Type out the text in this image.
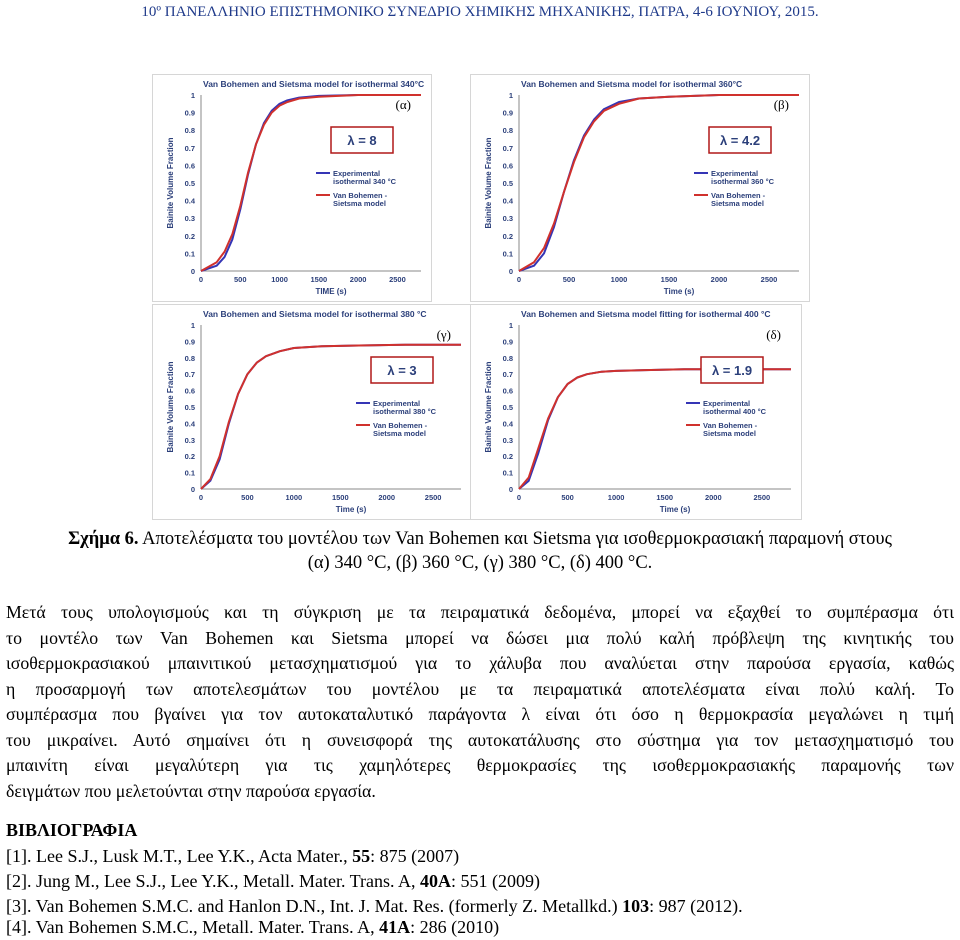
10º ΠΑΝΕΛΛΗΝΙΟ ΕΠΙΣΤΗΜΟΝΙΚΟ ΣΥΝΕΔΡΙΟ ΧΗΜΙΚΗΣ ΜΗΧΑΝΙΚΗΣ, ΠΑΤΡΑ, 4-6 ΙΟΥΝΙΟΥ, 2015.
Van Bohemen and Sietsma model for isothermal 340°C
0
0.1
0.2
0.3
0.4
0.5
0.6
0.7
0.8
0.9
1
0	500	1000	1500	2000	2500
TIME (s)
Bainite Volume Fraction
(α)
λ = 8
Experimental
isothermal 340 °C
Van Bohemen -
Sietsma model
Van Bohemen and Sietsma model for isothermal 360°C
0
0.1
0.2
0.3
0.4
0.5
0.6
0.7
0.8
0.9
1
0	500	1000	1500	2000	2500
Time (s)
Bainite Volume Fraction
(β)
λ = 4.2
Experimental
isothermal 360 °C
Van Bohemen -
Sietsma model
Van Bohemen and Sietsma model for isothermal 380 °C
0
0.1
0.2
0.3
0.4
0.5
0.6
0.7
0.8
0.9
1
0	500	1000	1500	2000	2500
Time (s)
Bainite Volume Fraction
(γ)
λ = 3
Experimental
isothermal 380 °C
Van Bohemen -
Sietsma model
Van Bohemen and Sietsma model fitting for isothermal 400 °C
0
0.1
0.2
0.3
0.4
0.5
0.6
0.7
0.8
0.9
1
0	500	1000	1500	2000	2500
Time (s)
Bainite Volume Fraction
(δ)
λ = 1.9
Experimental
isothermal 400 °C
Van Bohemen -
Sietsma model
Σχήμα 6. Αποτελέσματα του μοντέλου των Van Bohemen και Sietsma για ισοθερμοκρασιακή παραμονή στους
(α) 340 °C, (β) 360 °C, (γ) 380 °C, (δ) 400 °C.
Μετά τους υπολογισμούς και τη σύγκριση με τα πειραματικά δεδομένα, μπορεί να εξαχθεί το συμπέρασμα ότι
το μοντέλο των Van Bohemen και Sietsma μπορεί να δώσει μια πολύ καλή πρόβλεψη της κινητικής του
ισοθερμοκρασιακού μπαινιτικού μετασχηματισμού για το χάλυβα που αναλύεται στην παρούσα εργασία, καθώς
η προσαρμογή των αποτελεσμάτων του μοντέλου με τα πειραματικά αποτελέσματα είναι πολύ καλή. Το
συμπέρασμα που βγαίνει για τον αυτοκαταλυτικό παράγοντα λ είναι ότι όσο η θερμοκρασία μεγαλώνει η τιμή
του μικραίνει. Αυτό σημαίνει ότι η συνεισφορά της αυτοκατάλυσης στο σύστημα για τον μετασχηματισμό του
μπαινίτη είναι μεγαλύτερη για τις χαμηλότερες θερμοκρασίες της ισοθερμοκρασιακής παραμονής των
δειγμάτων που μελετούνται στην παρούσα εργασία.
ΒΙΒΛΙΟΓΡΑΦΙΑ
[1]. Lee S.J., Lusk M.T., Lee Y.K., Acta Mater., 55: 875 (2007)
[2]. Jung M., Lee S.J., Lee Y.K., Metall. Mater. Trans. A, 40A: 551 (2009)
[3]. Van Bohemen S.M.C. and Hanlon D.N., Int. J. Mat. Res. (formerly Z. Metallkd.) 103: 987 (2012).
[4]. Van Bohemen S.M.C., Metall. Mater. Trans. A, 41A: 286 (2010)
